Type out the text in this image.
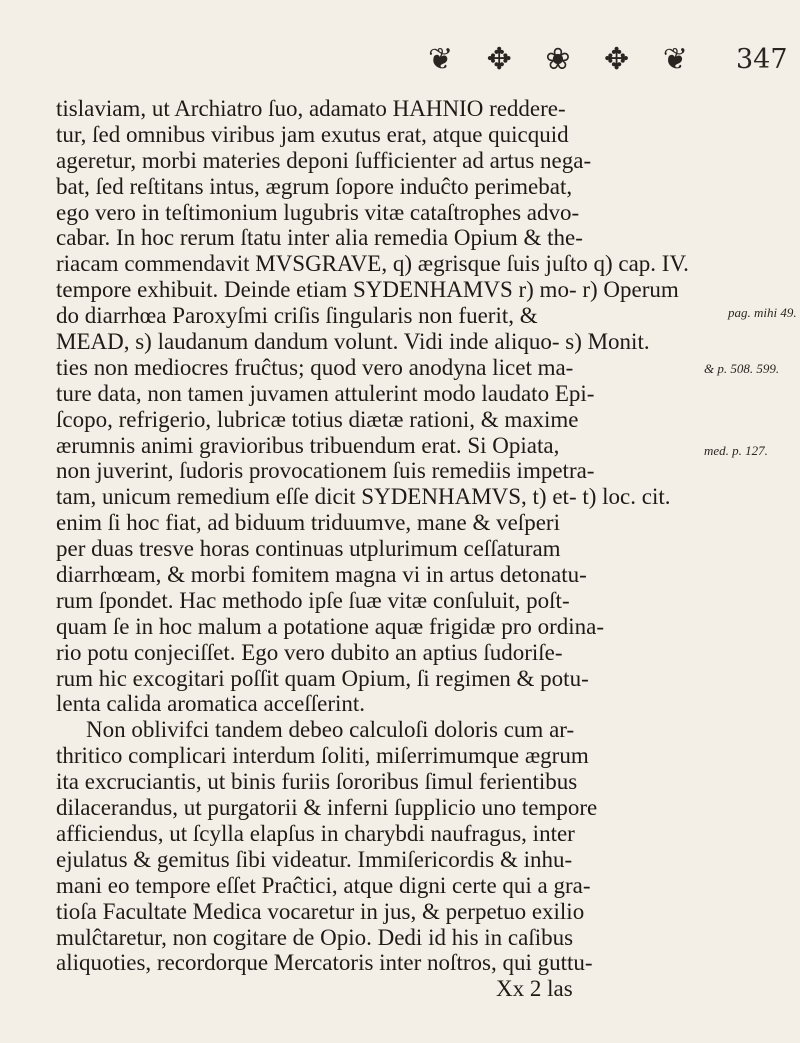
❦ ✥ ❀ ✥ ❦ 347
tislaviam, ut Archiatro ſuo, adamato HAHNIO reddere-
tur, ſed omnibus viribus jam exutus erat, atque quicquid
ageretur, morbi materies deponi ſufficienter ad artus nega-
bat, ſed reſtitans intus, ægrum ſopore induĉto perimebat,
ego vero in teſtimonium lugubris vitæ cataſtrophes advo-
cabar. In hoc rerum ſtatu inter alia remedia Opium & the-
riacam commendavit MVSGRAVE, q) ægrisque ſuis juſto q) cap. IV.
tempore exhibuit. Deinde etiam SYDENHAMVS r) mo- r) Operum
do diarrhœa Paroxyſmi criſis ſingularis non fuerit, &
MEAD, s) laudanum dandum volunt. Vidi inde aliquo- s) Monit.
ties non mediocres fruĉtus; quod vero anodyna licet ma-
ture data, non tamen juvamen attulerint modo laudato Epi-
ſcopo, refrigerio, lubricæ totius diætæ rationi, & maxime
ærumnis animi gravioribus tribuendum erat. Si Opiata,
non juverint, ſudoris provocationem ſuis remediis impetra-
tam, unicum remedium eſſe dicit SYDENHAMVS, t) et- t) loc. cit.
enim ſi hoc fiat, ad biduum triduumve, mane & veſperi
per duas tresve horas continuas utplurimum ceſſaturam
diarrhœam, & morbi fomitem magna vi in artus detonatu-
rum ſpondet. Hac methodo ipſe ſuæ vitæ conſuluit, poſt-
quam ſe in hoc malum a potatione aquæ frigidæ pro ordina-
rio potu conjeciſſet. Ego vero dubito an aptius ſudoriſe-
rum hic excogitari poſſit quam Opium, ſi regimen & potu-
lenta calida aromatica acceſſerint.
Non oblivifci tandem debeo calculoſi doloris cum ar-
thritico complicari interdum ſoliti, miſerrimumque ægrum
ita excruciantis, ut binis furiis ſororibus ſimul ferientibus
dilacerandus, ut purgatorii & inferni ſupplicio uno tempore
afficiendus, ut ſcylla elapſus in charybdi naufragus, inter
ejulatus & gemitus ſibi videatur. Immiſericordis & inhu-
mani eo tempore eſſet Praĉtici, atque digni certe qui a gra-
tioſa Facultate Medica vocaretur in jus, & perpetuo exilio
mulĉtaretur, non cogitare de Opio. Dedi id his in caſibus
aliquoties, recordorque Mercatoris inter noſtros, qui guttu-
Xx 2 las
pag. mihi 49.
& p. 508. 599.
med. p. 127.
